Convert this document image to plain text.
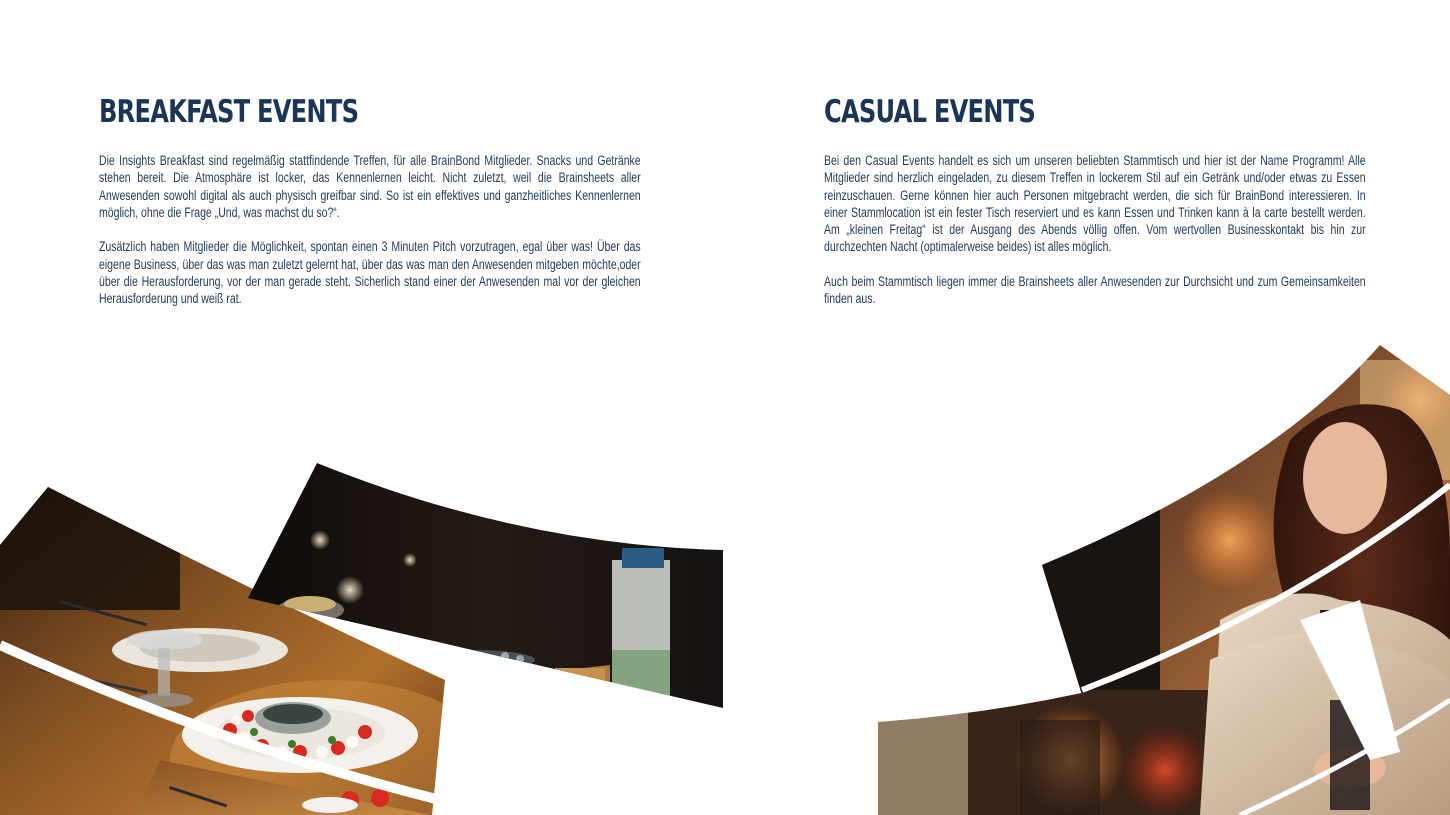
BREAKFAST EVENTS

Die Insights Breakfast sind regelmäßig stattfindende Treffen, für alle BrainBond Mitglieder. Snacks und Getränke stehen bereit. Die Atmosphäre ist locker, das Kennenlernen leicht. Nicht zuletzt, weil die Brainsheets aller Anwesenden sowohl digital als auch physisch greifbar sind. So ist ein effektives und ganzheitliches Kennenlernen möglich, ohne die Frage „Und, was machst du so?“.

Zusätzlich haben Mitglieder die Möglichkeit, spontan einen 3 Minuten Pitch vorzutragen, egal über was! Über das eigene Business, über das was man zuletzt gelernt hat, über das was man den Anwesenden mitgeben möchte,oder über die Herausforderung, vor der man gerade steht. Sicherlich stand einer der Anwesenden mal vor der gleichen Herausforderung und weiß rat.

CASUAL EVENTS

Bei den Casual Events handelt es sich um unseren beliebten Stammtisch und hier ist der Name Programm! Alle Mitglieder sind herzlich eingeladen, zu diesem Treffen in lockerem Stil auf ein Getränk und/oder etwas zu Essen reinzuschauen. Gerne können hier auch Personen mitgebracht werden, die sich für BrainBond interessieren. In einer Stammlocation ist ein fester Tisch reserviert und es kann Essen und Trinken kann à la carte bestellt werden. Am „kleinen Freitag“ ist der Ausgang des Abends völlig offen. Vom wertvollen Businesskontakt bis hin zur durchzechten Nacht (optimalerweise beides) ist alles möglich.

Auch beim Stammtisch liegen immer die Brainsheets aller Anwesenden zur Durchsicht und zum Gemeinsamkeiten finden aus.
